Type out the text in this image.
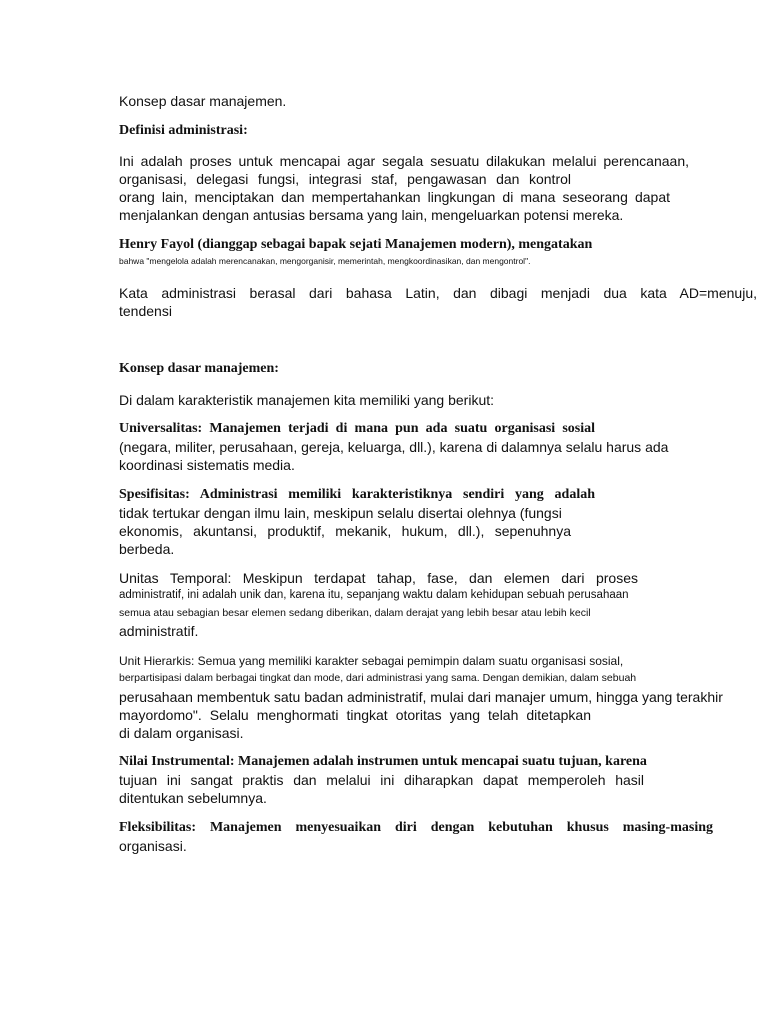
Konsep dasar manajemen.

Definisi administrasi:

Ini adalah proses untuk mencapai agar segala sesuatu dilakukan melalui perencanaan,

organisasi, delegasi fungsi, integrasi staf, pengawasan dan kontrol

orang lain, menciptakan dan mempertahankan lingkungan di mana seseorang dapat

menjalankan dengan antusias bersama yang lain, mengeluarkan potensi mereka.

Henry Fayol (dianggap sebagai bapak sejati Manajemen modern), mengatakan

bahwa "mengelola adalah merencanakan, mengorganisir, memerintah, mengkoordinasikan, dan mengontrol".

Kata administrasi berasal dari bahasa Latin, dan dibagi menjadi dua kata AD=menuju,

tendensi

Konsep dasar manajemen:

Di dalam karakteristik manajemen kita memiliki yang berikut:

Universalitas: Manajemen terjadi di mana pun ada suatu organisasi sosial

(negara, militer, perusahaan, gereja, keluarga, dll.), karena di dalamnya selalu harus ada

koordinasi sistematis media.

Spesifisitas: Administrasi memiliki karakteristiknya sendiri yang adalah

tidak tertukar dengan ilmu lain, meskipun selalu disertai olehnya (fungsi

ekonomis, akuntansi, produktif, mekanik, hukum, dll.), sepenuhnya

berbeda.

Unitas Temporal: Meskipun terdapat tahap, fase, dan elemen dari proses

administratif, ini adalah unik dan, karena itu, sepanjang waktu dalam kehidupan sebuah perusahaan

semua atau sebagian besar elemen sedang diberikan, dalam derajat yang lebih besar atau lebih kecil

administratif.

Unit Hierarkis: Semua yang memiliki karakter sebagai pemimpin dalam suatu organisasi sosial,

berpartisipasi dalam berbagai tingkat dan mode, dari administrasi yang sama. Dengan demikian, dalam sebuah

perusahaan membentuk satu badan administratif, mulai dari manajer umum, hingga yang terakhir

mayordomo". Selalu menghormati tingkat otoritas yang telah ditetapkan

di dalam organisasi.

Nilai Instrumental: Manajemen adalah instrumen untuk mencapai suatu tujuan, karena

tujuan ini sangat praktis dan melalui ini diharapkan dapat memperoleh hasil

ditentukan sebelumnya.

Fleksibilitas: Manajemen menyesuaikan diri dengan kebutuhan khusus masing-masing

organisasi.
